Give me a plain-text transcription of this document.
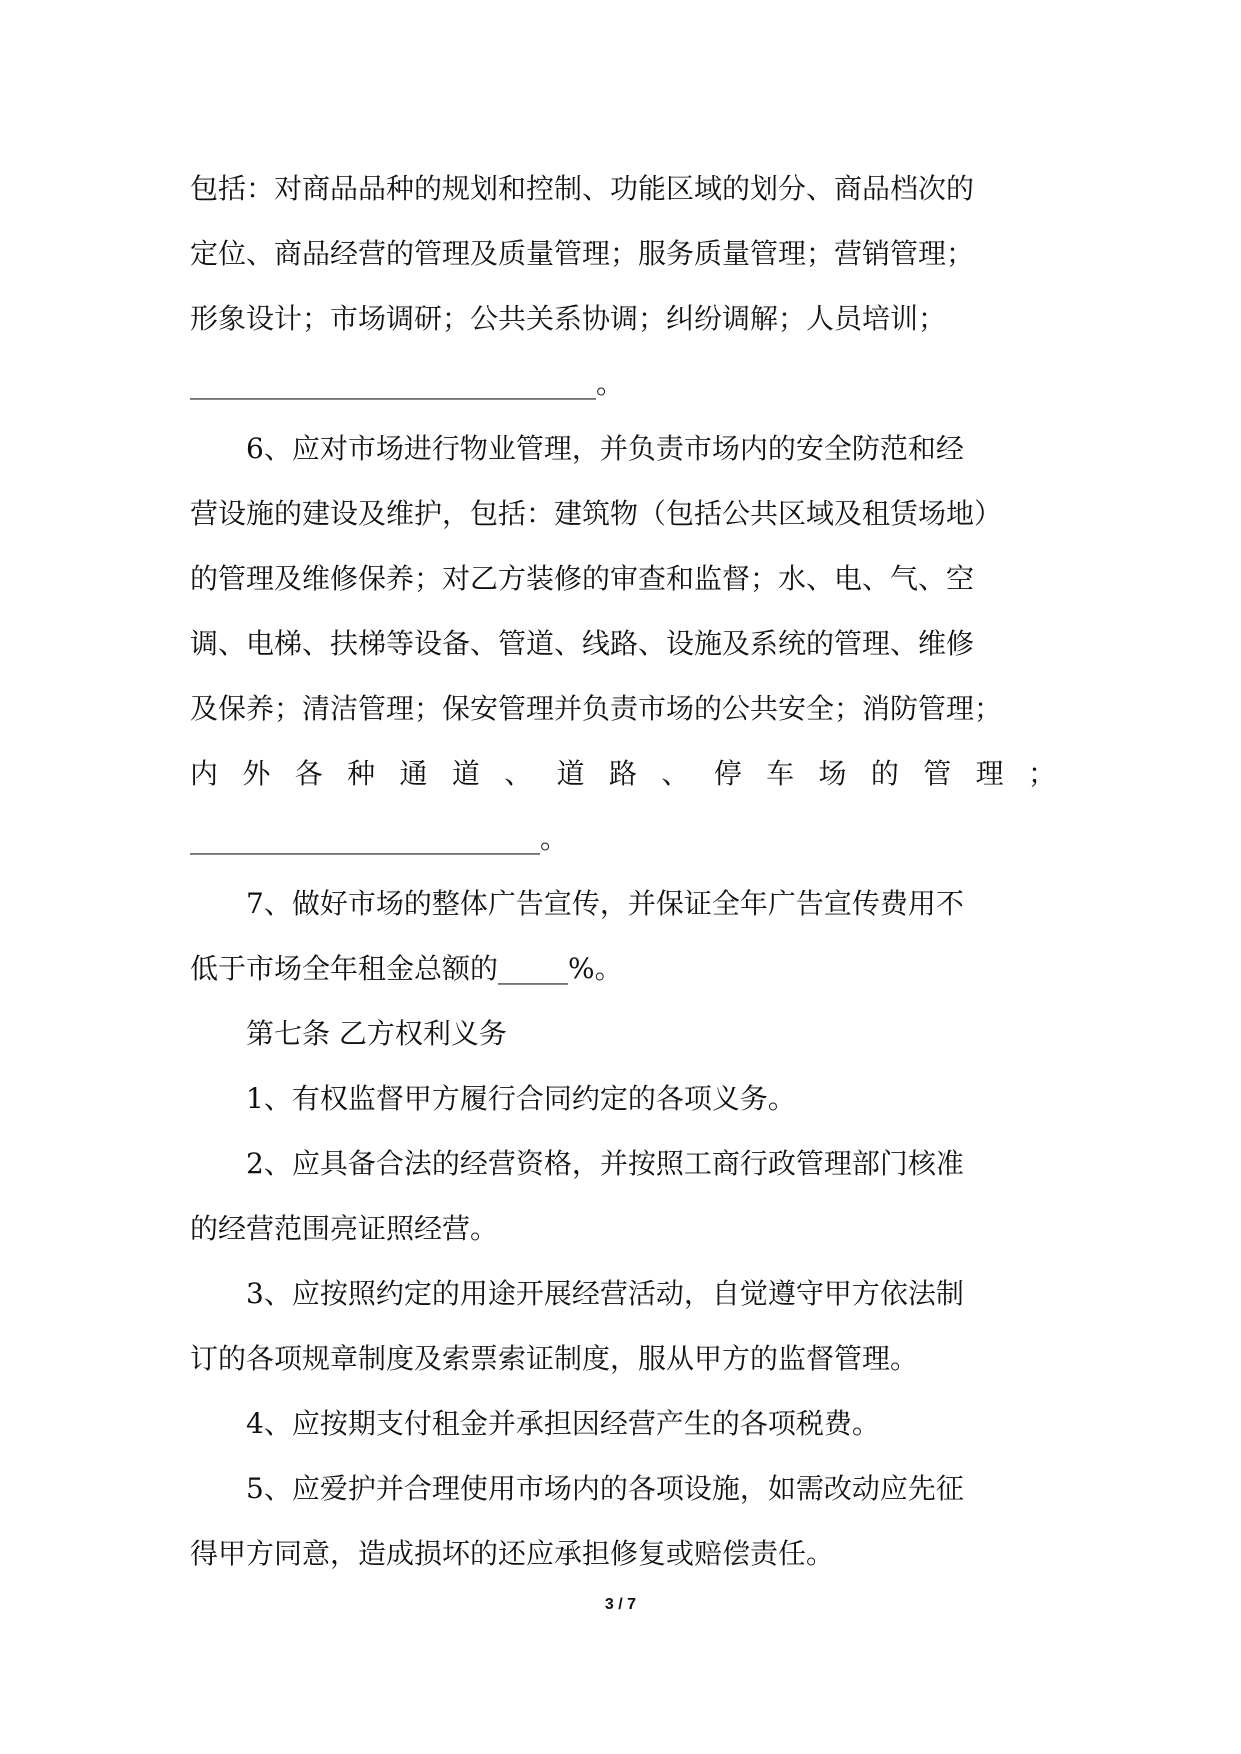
包括：对商品品种的规划和控制、功能区域的划分、商品档次的
定位、商品经营的管理及质量管理；服务质量管理；营销管理；
形象设计；市场调研；公共关系协调；纠纷调解；人员培训；
_____________________________。
6、应对市场进行物业管理，并负责市场内的安全防范和经
营设施的建设及维护，包括：建筑物（包括公共区域及租赁场地）
的管理及维修保养；对乙方装修的审查和监督；水、电、气、空
调、电梯、扶梯等设备、管道、线路、设施及系统的管理、维修
及保养；清洁管理；保安管理并负责市场的公共安全；消防管理；
内外各种通道、道路、停车场的管理；
_________________________。
7、做好市场的整体广告宣传，并保证全年广告宣传费用不
低于市场全年租金总额的_____%。
第七条 乙方权利义务
1、有权监督甲方履行合同约定的各项义务。
2、应具备合法的经营资格，并按照工商行政管理部门核准
的经营范围亮证照经营。
3、应按照约定的用途开展经营活动，自觉遵守甲方依法制
订的各项规章制度及索票索证制度，服从甲方的监督管理。
4、应按期支付租金并承担因经营产生的各项税费。
5、应爱护并合理使用市场内的各项设施，如需改动应先征
得甲方同意，造成损坏的还应承担修复或赔偿责任。
3 / 7
